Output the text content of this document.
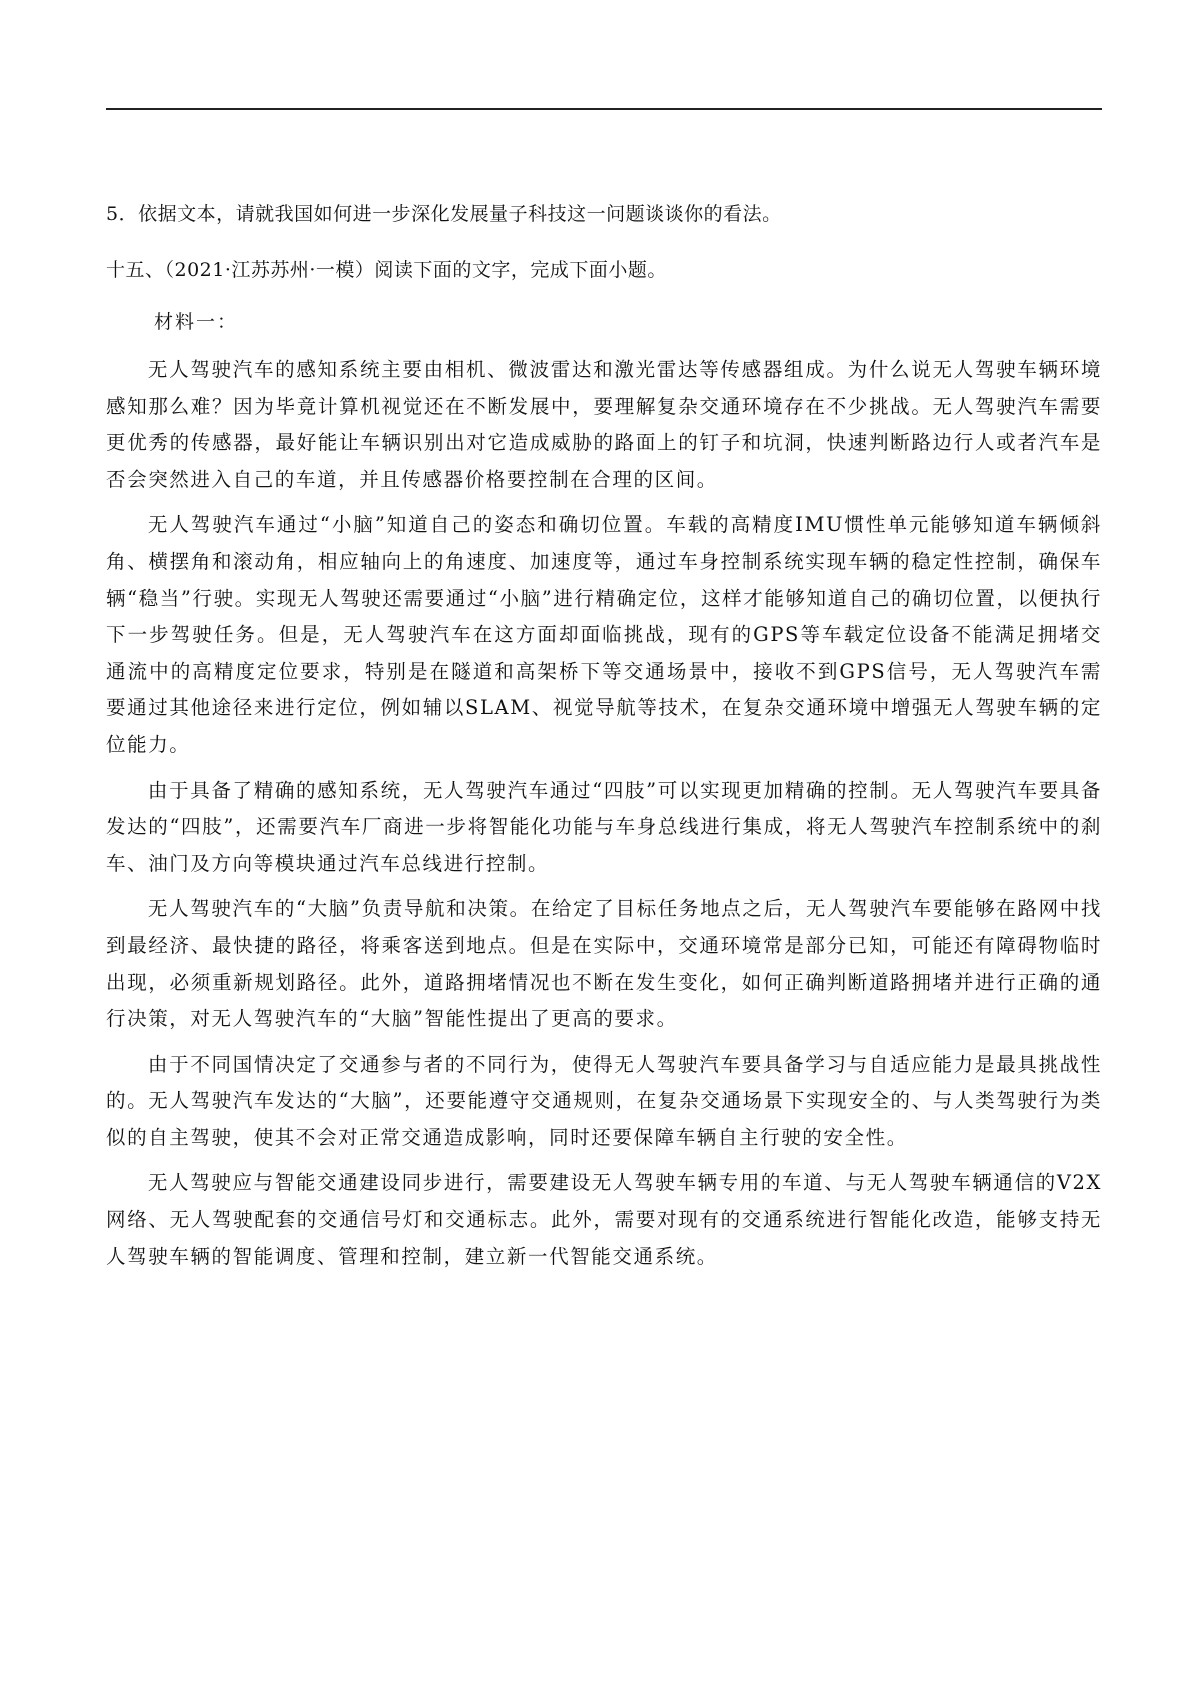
5．依据文本，请就我国如何进一步深化发展量子科技这一问题谈谈你的看法。
十五、（2021·江苏苏州·一模）阅读下面的文字，完成下面小题。
材料一：

无人驾驶汽车的感知系统主要由相机、微波雷达和激光雷达等传感器组成。为什么说无人驾驶车辆环境感知那么难？因为毕竟计算机视觉还在不断发展中，要理解复杂交通环境存在不少挑战。无人驾驶汽车需要更优秀的传感器，最好能让车辆识别出对它造成威胁的路面上的钉子和坑洞，快速判断路边行人或者汽车是否会突然进入自己的车道，并且传感器价格要控制在合理的区间。

无人驾驶汽车通过“小脑”知道自己的姿态和确切位置。车载的高精度IMU惯性单元能够知道车辆倾斜角、横摆角和滚动角，相应轴向上的角速度、加速度等，通过车身控制系统实现车辆的稳定性控制，确保车辆“稳当”行驶。实现无人驾驶还需要通过“小脑”进行精确定位，这样才能够知道自己的确切位置，以便执行下一步驾驶任务。但是，无人驾驶汽车在这方面却面临挑战，现有的GPS等车载定位设备不能满足拥堵交通流中的高精度定位要求，特别是在隧道和高架桥下等交通场景中，接收不到GPS信号，无人驾驶汽车需要通过其他途径来进行定位，例如辅以SLAM、视觉导航等技术，在复杂交通环境中增强无人驾驶车辆的定位能力。

由于具备了精确的感知系统，无人驾驶汽车通过“四肢”可以实现更加精确的控制。无人驾驶汽车要具备发达的“四肢”，还需要汽车厂商进一步将智能化功能与车身总线进行集成，将无人驾驶汽车控制系统中的刹车、油门及方向等模块通过汽车总线进行控制。

无人驾驶汽车的“大脑”负责导航和决策。在给定了目标任务地点之后，无人驾驶汽车要能够在路网中找到最经济、最快捷的路径，将乘客送到地点。但是在实际中，交通环境常是部分已知，可能还有障碍物临时出现，必须重新规划路径。此外，道路拥堵情况也不断在发生变化，如何正确判断道路拥堵并进行正确的通行决策，对无人驾驶汽车的“大脑”智能性提出了更高的要求。

由于不同国情决定了交通参与者的不同行为，使得无人驾驶汽车要具备学习与自适应能力是最具挑战性的。无人驾驶汽车发达的“大脑”，还要能遵守交通规则，在复杂交通场景下实现安全的、与人类驾驶行为类似的自主驾驶，使其不会对正常交通造成影响，同时还要保障车辆自主行驶的安全性。

无人驾驶应与智能交通建设同步进行，需要建设无人驾驶车辆专用的车道、与无人驾驶车辆通信的V2X网络、无人驾驶配套的交通信号灯和交通标志。此外，需要对现有的交通系统进行智能化改造，能够支持无人驾驶车辆的智能调度、管理和控制，建立新一代智能交通系统。
